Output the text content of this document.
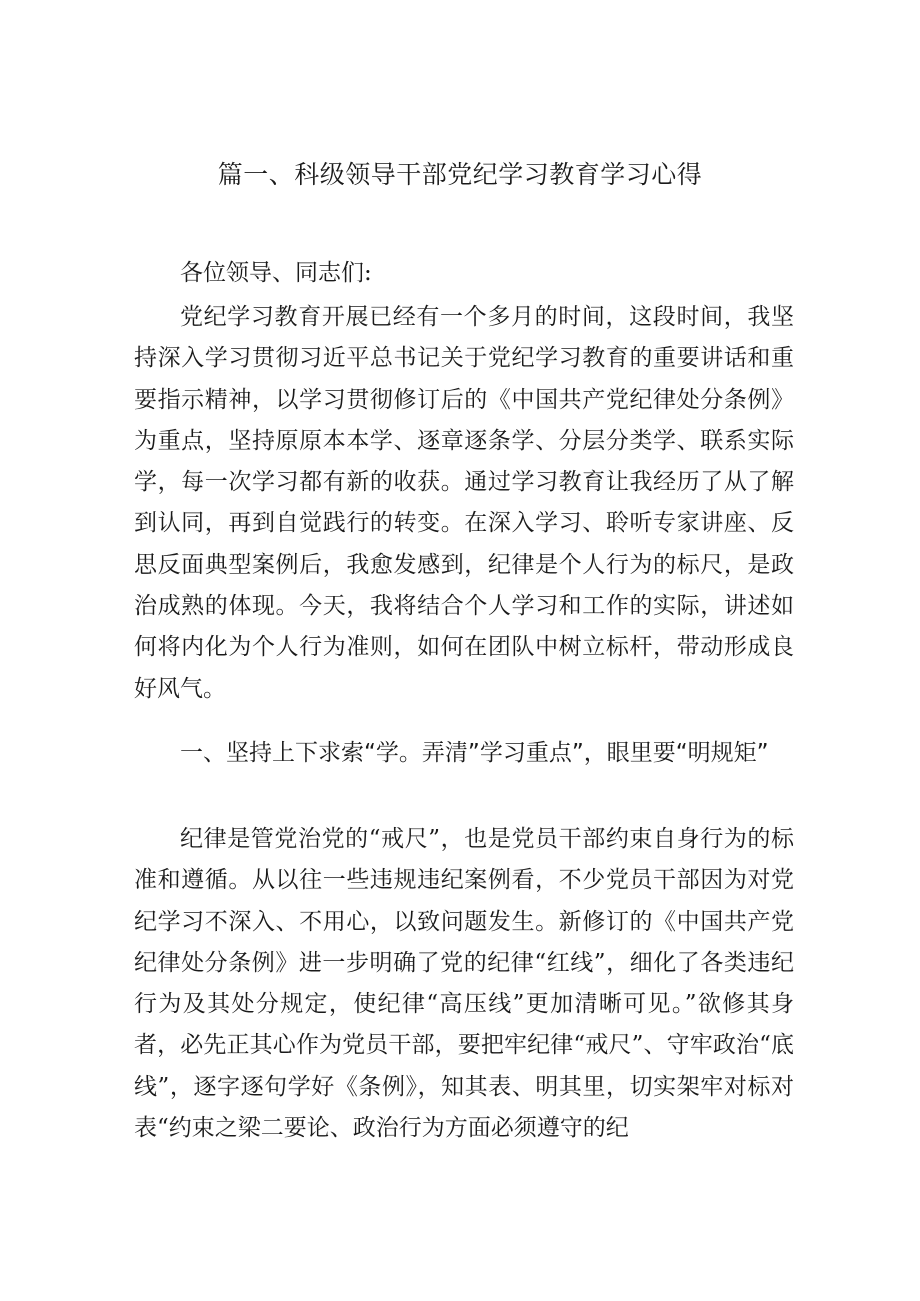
篇一、科级领导干部党纪学习教育学习心得

各位领导、同志们:

党纪学习教育开展已经有一个多月的时间，这段时间，我坚持深入学习贯彻习近平总书记关于党纪学习教育的重要讲话和重要指示精神，以学习贯彻修订后的《中国共产党纪律处分条例》为重点，坚持原原本本学、逐章逐条学、分层分类学、联系实际学，每一次学习都有新的收获。通过学习教育让我经历了从了解到认同，再到自觉践行的转变。在深入学习、聆听专家讲座、反思反面典型案例后，我愈发感到，纪律是个人行为的标尺，是政治成熟的体现。今天，我将结合个人学习和工作的实际，讲述如何将内化为个人行为准则，如何在团队中树立标杆，带动形成良好风气。

一、坚持上下求索“学。弄清”学习重点”，眼里要“明规矩”

纪律是管党治党的“戒尺”，也是党员干部约束自身行为的标准和遵循。从以往一些违规违纪案例看，不少党员干部因为对党纪学习不深入、不用心，以致问题发生。新修订的《中国共产党纪律处分条例》进一步明确了党的纪律“红线”，细化了各类违纪行为及其处分规定，使纪律“高压线”更加清晰可见。”欲修其身者，必先正其心作为党员干部，要把牢纪律“戒尺”、守牢政治“底线”，逐字逐句学好《条例》，知其表、明其里，切实架牢对标对表“约束之梁二要论、政治行为方面必须遵守的纪
